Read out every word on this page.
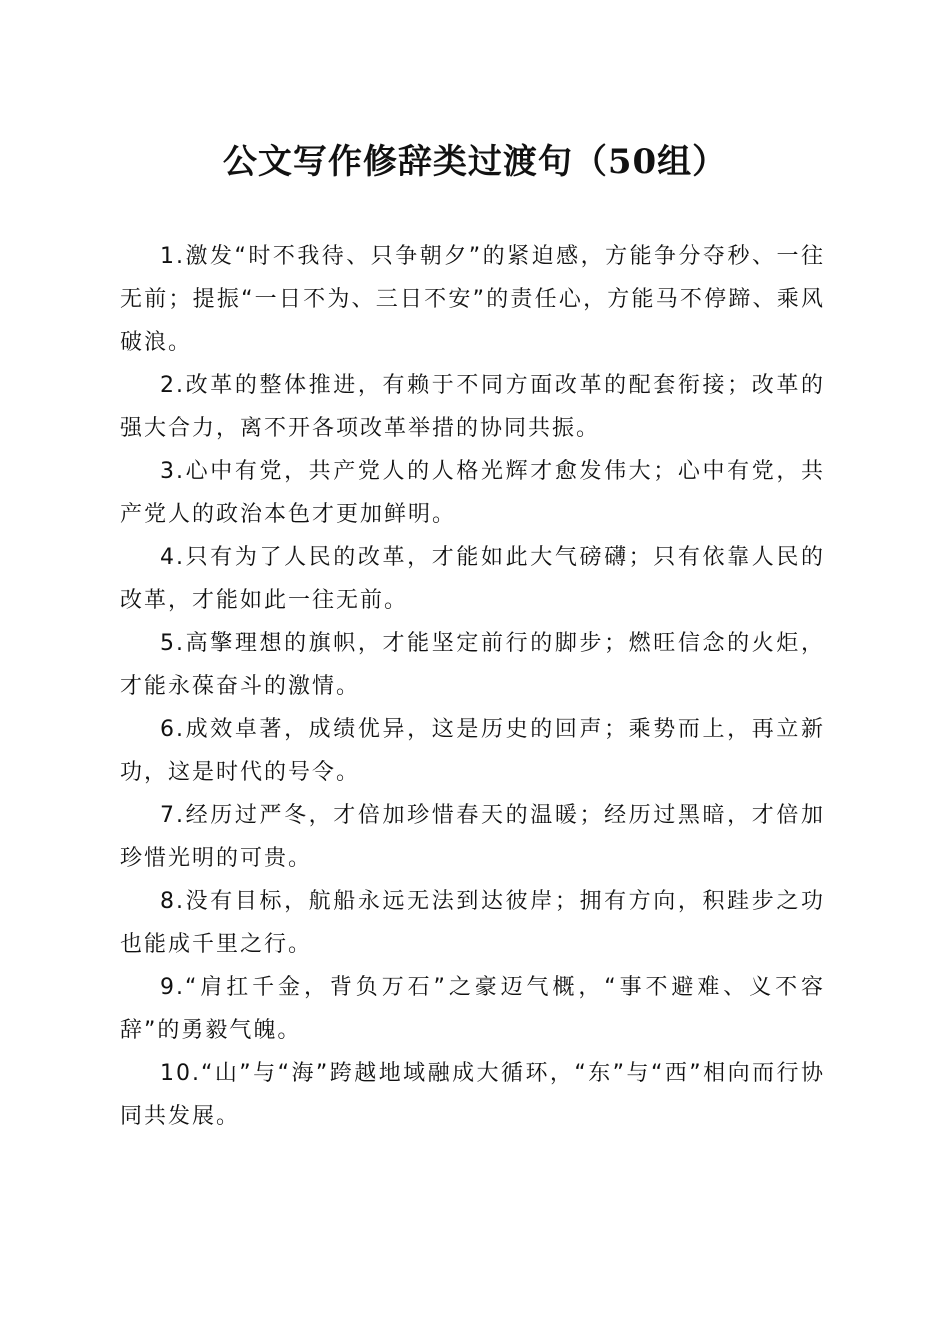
公文写作修辞类过渡句（50组）

1.激发“时不我待、只争朝夕”的紧迫感，方能争分夺秒、一往无前；提振“一日不为、三日不安”的责任心，方能马不停蹄、乘风破浪。

2.改革的整体推进，有赖于不同方面改革的配套衔接；改革的强大合力，离不开各项改革举措的协同共振。

3.心中有党，共产党人的人格光辉才愈发伟大；心中有党，共产党人的政治本色才更加鲜明。

4.只有为了人民的改革，才能如此大气磅礴；只有依靠人民的改革，才能如此一往无前。

5.高擎理想的旗帜，才能坚定前行的脚步；燃旺信念的火炬，才能永葆奋斗的激情。

6.成效卓著，成绩优异，这是历史的回声；乘势而上，再立新功，这是时代的号令。

7.经历过严冬，才倍加珍惜春天的温暖；经历过黑暗，才倍加珍惜光明的可贵。

8.没有目标，航船永远无法到达彼岸；拥有方向，积跬步之功也能成千里之行。

9.“肩扛千金，背负万石”之豪迈气概，“事不避难、义不容辞”的勇毅气魄。

10.“山”与“海”跨越地域融成大循环，“东”与“西”相向而行协同共发展。
